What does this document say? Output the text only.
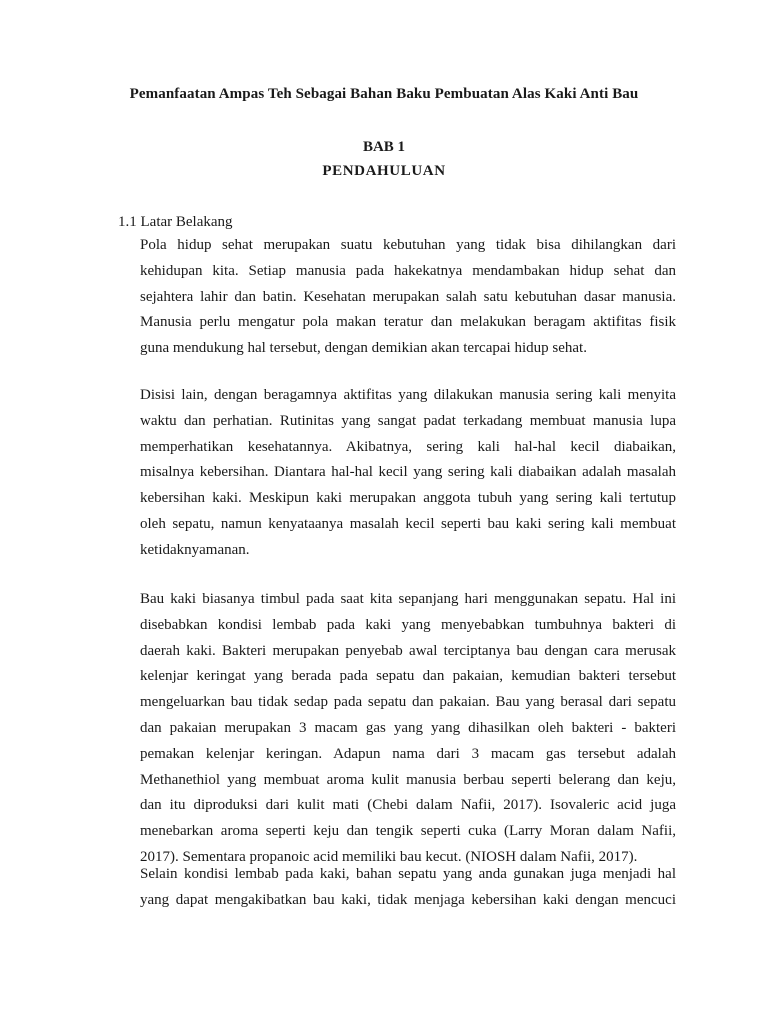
Pemanfaatan Ampas Teh Sebagai Bahan Baku Pembuatan Alas Kaki Anti Bau
BAB 1
PENDAHULUAN
1.1 Latar Belakang
Pola hidup sehat merupakan suatu kebutuhan yang tidak bisa dihilangkan dari
kehidupan kita. Setiap manusia pada hakekatnya mendambakan hidup sehat dan
sejahtera lahir dan batin. Kesehatan merupakan salah satu kebutuhan dasar manusia.
Manusia perlu mengatur pola makan teratur dan melakukan beragam aktifitas fisik
guna mendukung hal tersebut, dengan demikian akan tercapai hidup sehat.
Disisi lain, dengan beragamnya aktifitas yang dilakukan manusia sering kali menyita
waktu dan perhatian. Rutinitas yang sangat padat terkadang membuat manusia lupa
memperhatikan kesehatannya. Akibatnya, sering kali hal-hal kecil diabaikan,
misalnya kebersihan. Diantara hal-hal kecil yang sering kali diabaikan adalah masalah
kebersihan kaki. Meskipun kaki merupakan anggota tubuh yang sering kali tertutup
oleh sepatu, namun kenyataanya masalah kecil seperti bau kaki sering kali membuat
ketidaknyamanan.
Bau kaki biasanya timbul pada saat kita sepanjang hari menggunakan sepatu. Hal ini
disebabkan kondisi lembab pada kaki yang menyebabkan tumbuhnya bakteri di
daerah kaki. Bakteri merupakan penyebab awal terciptanya bau dengan cara merusak
kelenjar keringat yang berada pada sepatu dan pakaian, kemudian bakteri tersebut
mengeluarkan bau tidak sedap pada sepatu dan pakaian. Bau yang berasal dari sepatu
dan pakaian merupakan 3 macam gas yang yang dihasilkan oleh bakteri - bakteri
pemakan kelenjar keringan. Adapun nama dari 3 macam gas tersebut adalah
Methanethiol yang membuat aroma kulit manusia berbau seperti belerang dan keju,
dan itu diproduksi dari kulit mati (Chebi dalam Nafii, 2017). Isovaleric acid juga
menebarkan aroma seperti keju dan tengik seperti cuka (Larry Moran dalam Nafii,
2017). Sementara propanoic acid memiliki bau kecut. (NIOSH dalam Nafii, 2017).
Selain kondisi lembab pada kaki, bahan sepatu yang anda gunakan juga menjadi hal
yang dapat mengakibatkan bau kaki, tidak menjaga kebersihan kaki dengan mencuci
